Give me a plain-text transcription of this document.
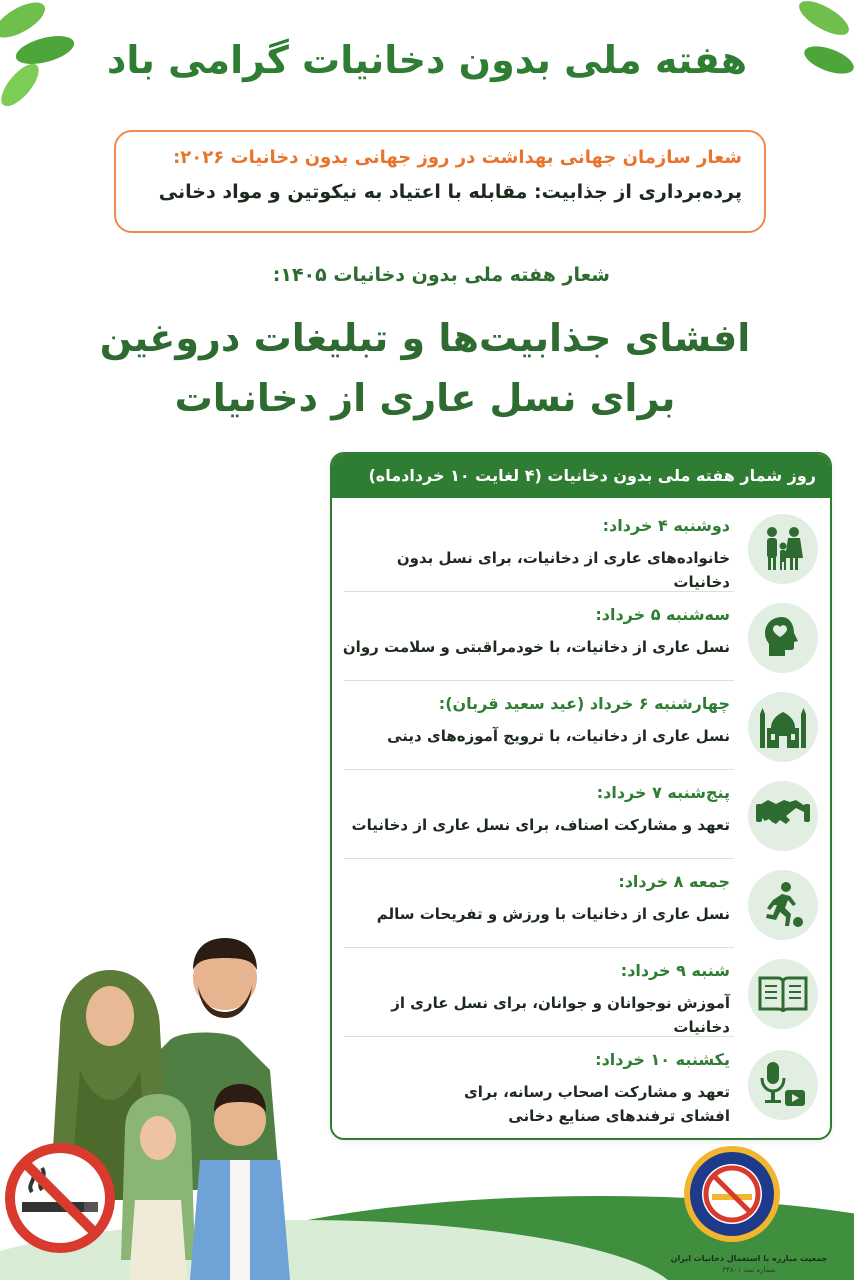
هفته ملی بدون دخانیات گرامی باد
شعار سازمان جهانی بهداشت در روز جهانی بدون دخانیات ۲۰۲۶:
پرده‌برداری از جذابیت: مقابله با اعتیاد به نیکوتین و مواد دخانی
شعار هفته ملی بدون دخانیات ۱۴۰۵:
افشای جذابیت‌ها و تبلیغات دروغین
برای نسل عاری از دخانیات
روز شمار هفته ملی بدون دخانیات (۴ لغایت ۱۰ خردادماه)
دوشنبه ۴ خرداد:
خانواده‌های عاری از دخانیات، برای نسل بدون دخانیات
سه‌شنبه ۵ خرداد:
نسل عاری از دخانیات، با خودمراقبتی و سلامت روان
چهارشنبه ۶ خرداد (عید سعید قربان):
نسل عاری از دخانیات، با ترویج آموزه‌های دینی
پنج‌شنبه ۷ خرداد:
تعهد و مشارکت اصناف، برای نسل عاری از دخانیات
جمعه ۸ خرداد:
نسل عاری از دخانیات با ورزش و تفریحات سالم
شنبه ۹ خرداد:
آموزش نوجوانان و جوانان، برای نسل عاری از دخانیات
یکشنبه ۱۰ خرداد:
تعهد و مشارکت اصحاب رسانه، برای
افشای ترفندهای صنایع دخانی
جمعیت مبارزه با استعمال دخانیات ایران
شماره ثبت ۳۴۸۰۱
